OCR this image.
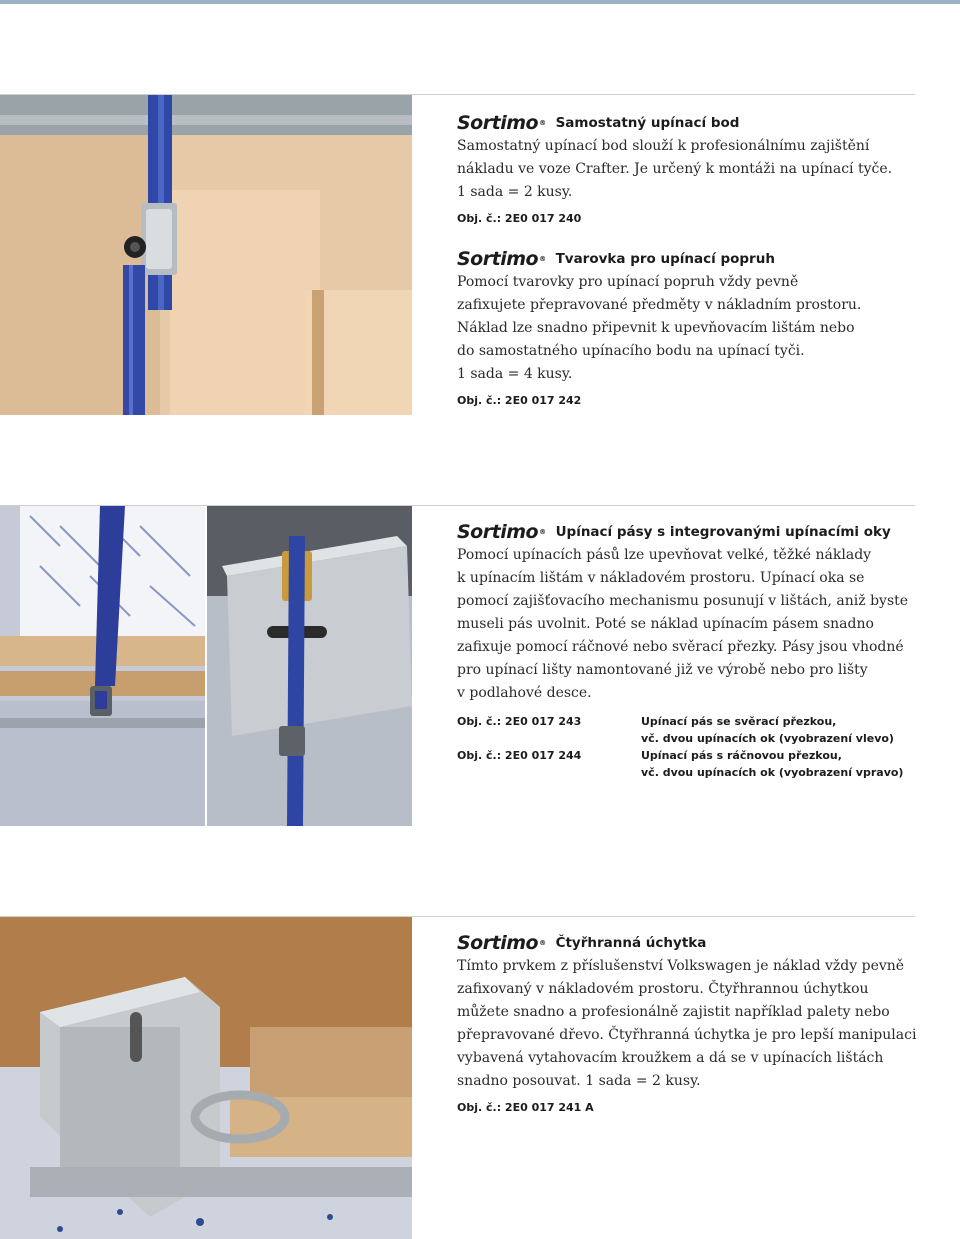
Sortimo® Samostatný upínací bod

Samostatný upínací bod slouží k profesionálnímu zajištění

nákladu ve voze Crafter. Je určený k montáži na upínací tyče.

1 sada = 2 kusy.

Obj. č.: 2E0 017 240
Sortimo® Tvarovka pro upínací popruh

Pomocí tvarovky pro upínací popruh vždy pevně

zafixujete přepravované předměty v nákladním prostoru.

Náklad lze snadno připevnit k upevňovacím lištám nebo

do samostatného upínacího bodu na upínací tyči.

1 sada = 4 kusy.

Obj. č.: 2E0 017 242
Sortimo® Upínací pásy s integrovanými upínacími oky

Pomocí upínacích pásů lze upevňovat velké, těžké náklady

k upínacím lištám v nákladovém prostoru. Upínací oka se

pomocí zajišťovacího mechanismu posunují v lištách, aniž byste

museli pás uvolnit. Poté se náklad upínacím pásem snadno

zafixuje pomocí ráčnové nebo svěrací přezky. Pásy jsou vhodné

pro upínací lišty namontované již ve výrobě nebo pro lišty

v podlahové desce.

Obj. č.: 2E0 017 243	Upínací pás se svěrací přezkou,
vč. dvou upínacích ok (vyobrazení vlevo)
Obj. č.: 2E0 017 244	Upínací pás s ráčnovou přezkou,
vč. dvou upínacích ok (vyobrazení vpravo)
Sortimo® Čtyřhranná úchytka

Tímto prvkem z příslušenství Volkswagen je náklad vždy pevně

zafixovaný v nákladovém prostoru. Čtyřhrannou úchytkou

můžete snadno a profesionálně zajistit například palety nebo

přepravované dřevo. Čtyřhranná úchytka je pro lepší manipulaci

vybavená vytahovacím kroužkem a dá se v upínacích lištách

snadno posouvat. 1 sada = 2 kusy.

Obj. č.: 2E0 017 241 A
